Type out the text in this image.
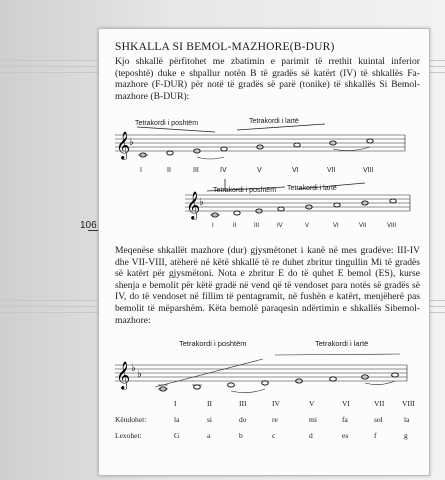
106
SHKALLA SI BEMOL-MAZHORE(B-DUR)
Kjo shkallë përfitohet me zbatimin e parimit të rrethit kuintal inferior (teposhtë) duke e shpallur notën B të gradës së katërt (IV) të shkallës Fa-mazhore (F-DUR) për notë të gradës së parë (tonike) të shkallës Si Bemol-mazhore (B-DUR):
𝄞
♭
Tetrakordi i poshtëm	Tetrakordi i lartë
I	II	III	IV	V	VI	VII	VIII
𝄞
♭
Tetrakordi i poshtëm Tetrakordi i lartë
I	II	III	IV	V	VI	VII	VIII
Meqenëse shkallët mazhore (dur) gjysmëtonet i kanë në mes gradëve: III-IV dhe VII-VIII, atëherë në këtë shkallë të re duhet zbritur tingullin Mi të gradës së katërt për gjysmëtoni. Nota e zbritur E do të quhet E bemol (ES), kurse shenja e bemolit për këtë gradë në vend që të vendoset para notës së gradës së IV, do të vendoset në fillim të pentagramit, në fushën e katërt, menjëherë pas bemolit të mëparshëm. Këta bemolë paraqesin ndërtimin e shkallës Sibemol-mazhore:
𝄞 ♭
♭
Tetrakordi i poshtëm	Tetrakordi i lartë
I	II	III	IV	V	VI	VII VIII
Këndohet:	la	si	do	re	mi	fa	sol	la
Lexohet:	G	a	b	c	d	es	f	g
